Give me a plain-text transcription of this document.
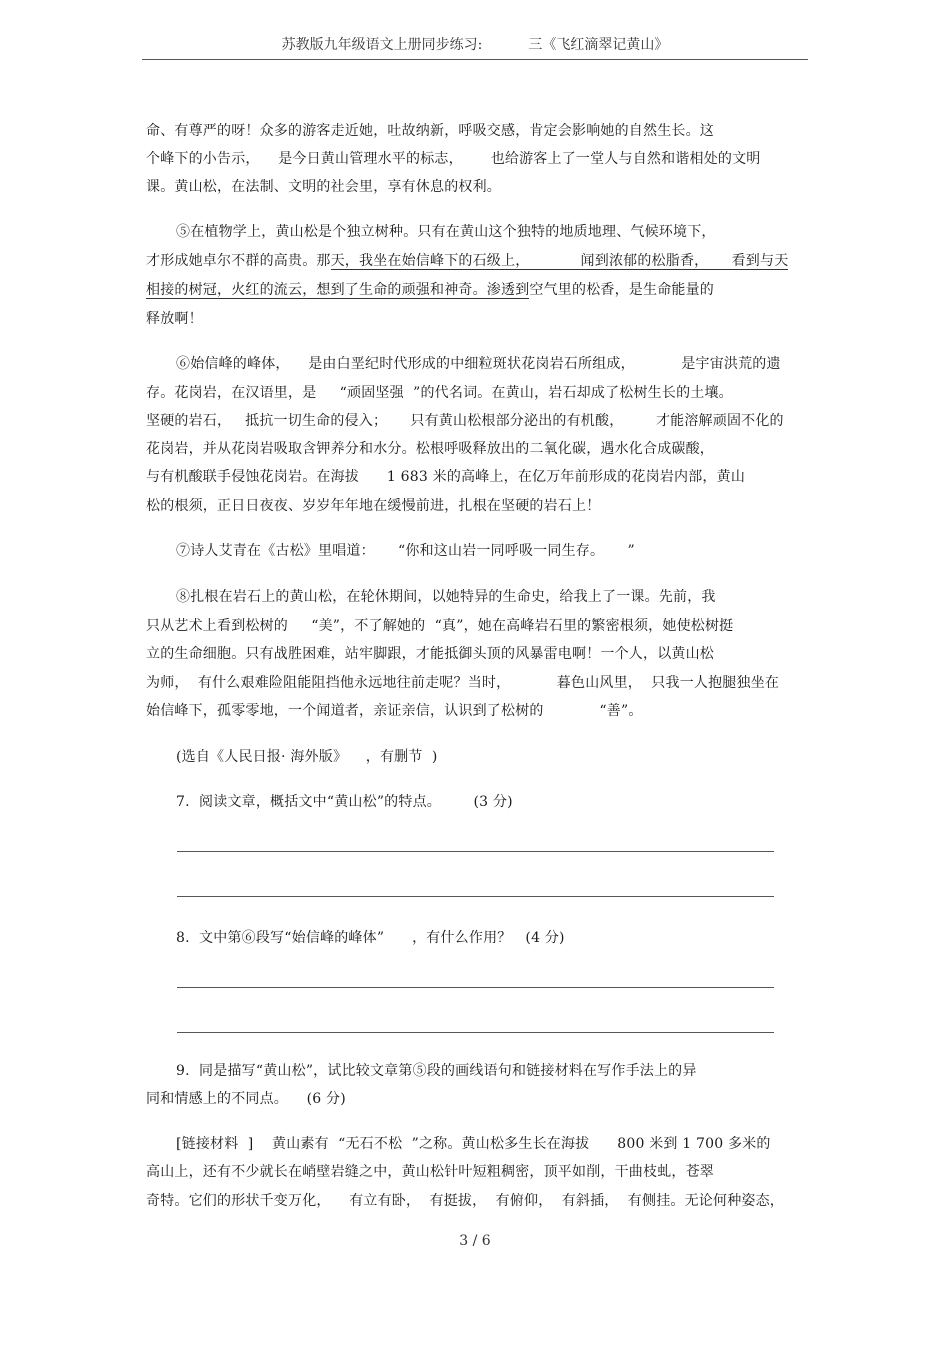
苏教版九年级语文上册同步练习:	三《飞红滴翠记黄山》
命、有尊严的呀！众多的游客走近她，吐故纳新，呼吸交感，肯定会影响她的自然生长。这
个峰下的小告示，    是今日黄山管理水平的标志，      也给游客上了一堂人与自然和谐相处的文明
课。黄山松，在法制、文明的社会里，享有休息的权利。
⑤在植物学上，黄山松是个独立树种。只有在黄山这个独特的地质地理、气候环境下，
才形成她卓尔不群的高贵。那天，我坐在始信峰下的石级上，           闻到浓郁的松脂香，     看到与天
相接的树冠，火红的流云，想到了生命的顽强和神奇。渗透到空气里的松香，是生命能量的
释放啊！
⑥始信峰的峰体，    是由白垩纪时代形成的中细粒斑状花岗岩石所组成，          是宇宙洪荒的遗
存。花岗岩，在汉语里，是     “顽固坚强  ”的代名词。在黄山，岩石却成了松树生长的土壤。
坚硬的岩石，   抵抗一切生命的侵入；     只有黄山松根部分泌出的有机酸，       才能溶解顽固不化的
花岗岩，并从花岗岩吸取含钾养分和水分。松根呼吸释放出的二氧化碳，遇水化合成碳酸，
与有机酸联手侵蚀花岗岩。在海拔      1 683 米的高峰上，在亿万年前形成的花岗岩内部，黄山
松的根须，正日日夜夜、岁岁年年地在缓慢前进，扎根在坚硬的岩石上！
⑦诗人艾青在《古松》里唱道：     “你和这山岩一同呼吸一同生存。     ”
⑧扎根在岩石上的黄山松，在轮休期间，以她特异的生命史，给我上了一课。先前，我
只从艺术上看到松树的     “美”，不了解她的  “真”，她在高峰岩石里的繁密根须，她使松树挺
立的生命细胞。只有战胜困难，站牢脚跟，才能抵御头顶的风暴雷电啊！一个人，以黄山松
为师，  有什么艰难险阻能阻挡他永远地往前走呢？当时，          暮色山风里，  只我一人抱腿独坐在
始信峰下，孤零零地，一个闻道者，亲证亲信，认识到了松树的            “善”。
(选自《人民日报· 海外版》    ，有删节  )
7.  阅读文章，概括文中“黄山松”的特点。       (3 分)
8.  文中第⑥段写“始信峰的峰体”      ，有什么作用？   (4 分)
9.  同是描写“黄山松”，试比较文章第⑤段的画线语句和链接材料在写作手法上的异
同和情感上的不同点。    (6 分)
[链接材料  ]    黄山素有  “无石不松  ”之称。黄山松多生长在海拔      800 米到 1 700 多米的
高山上，还有不少就长在峭壁岩缝之中，黄山松针叶短粗稠密，顶平如削，干曲枝虬，苍翠
奇特。它们的形状千变万化，    有立有卧，  有挺拔，  有俯仰，  有斜插，  有侧挂。无论何种姿态，
3 / 6
